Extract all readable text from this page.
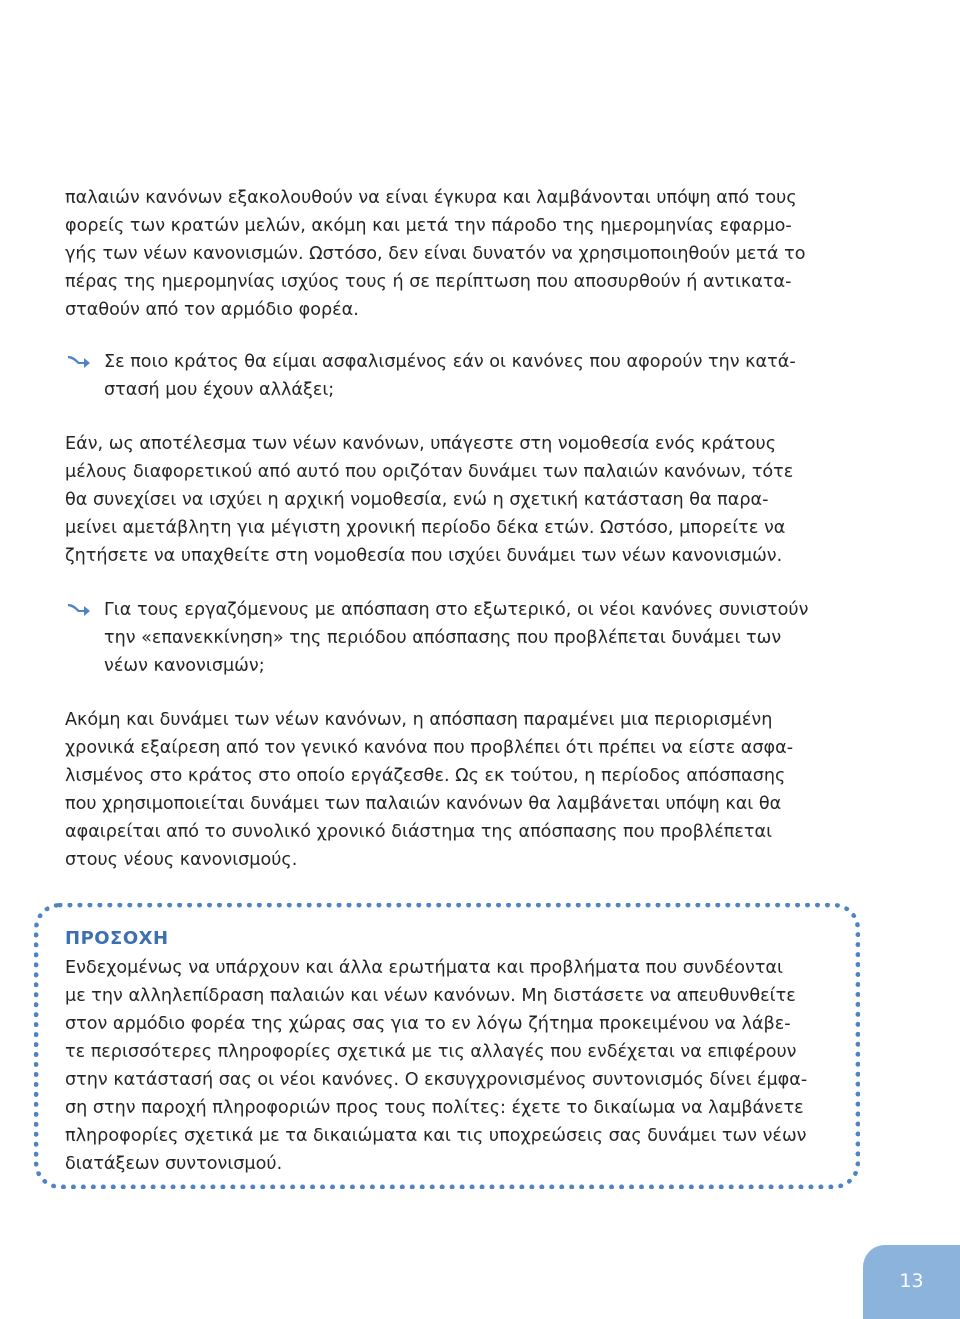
παλαιών κανόνων εξακολουθούν να είναι έγκυρα και λαμβάνονται υπόψη από τους
φορείς των κρατών μελών, ακόμη και μετά την πάροδο της ημερομηνίας εφαρμο-
γής των νέων κανονισμών. Ωστόσο, δεν είναι δυνατόν να χρησιμοποιηθούν μετά το
πέρας της ημερομηνίας ισχύος τους ή σε περίπτωση που αποσυρθούν ή αντικατα-
σταθούν από τον αρμόδιο φορέα.
Σε ποιο κράτος θα είμαι ασφαλισμένος εάν οι κανόνες που αφορούν την κατά-
στασή μου έχουν αλλάξει;
Εάν, ως αποτέλεσμα των νέων κανόνων, υπάγεστε στη νομοθεσία ενός κράτους
μέλους διαφορετικού από αυτό που οριζόταν δυνάμει των παλαιών κανόνων, τότε
θα συνεχίσει να ισχύει η αρχική νομοθεσία, ενώ η σχετική κατάσταση θα παρα-
μείνει αμετάβλητη για μέγιστη χρονική περίοδο δέκα ετών. Ωστόσο, μπορείτε να
ζητήσετε να υπαχθείτε στη νομοθεσία που ισχύει δυνάμει των νέων κανονισμών.
Για τους εργαζόμενους με απόσπαση στο εξωτερικό, οι νέοι κανόνες συνιστούν
την «επανεκκίνηση» της περιόδου απόσπασης που προβλέπεται δυνάμει των
νέων κανονισμών;
Ακόμη και δυνάμει των νέων κανόνων, η απόσπαση παραμένει μια περιορισμένη
χρονικά εξαίρεση από τον γενικό κανόνα που προβλέπει ότι πρέπει να είστε ασφα-
λισμένος στο κράτος στο οποίο εργάζεσθε. Ως εκ τούτου, η περίοδος απόσπασης
που χρησιμοποιείται δυνάμει των παλαιών κανόνων θα λαμβάνεται υπόψη και θα
αφαιρείται από το συνολικό χρονικό διάστημα της απόσπασης που προβλέπεται
στους νέους κανονισμούς.
ΠΡΟΣΟΧΗ
Ενδεχομένως να υπάρχουν και άλλα ερωτήματα και προβλήματα που συνδέονται
με την αλληλεπίδραση παλαιών και νέων κανόνων. Μη διστάσετε να απευθυνθείτε
στον αρμόδιο φορέα της χώρας σας για το εν λόγω ζήτημα προκειμένου να λάβε-
τε περισσότερες πληροφορίες σχετικά με τις αλλαγές που ενδέχεται να επιφέρουν
στην κατάστασή σας οι νέοι κανόνες. Ο εκσυγχρονισμένος συντονισμός δίνει έμφα-
ση στην παροχή πληροφοριών προς τους πολίτες: έχετε το δικαίωμα να λαμβάνετε
πληροφορίες σχετικά με τα δικαιώματα και τις υποχρεώσεις σας δυνάμει των νέων
διατάξεων συντονισμού.
13
